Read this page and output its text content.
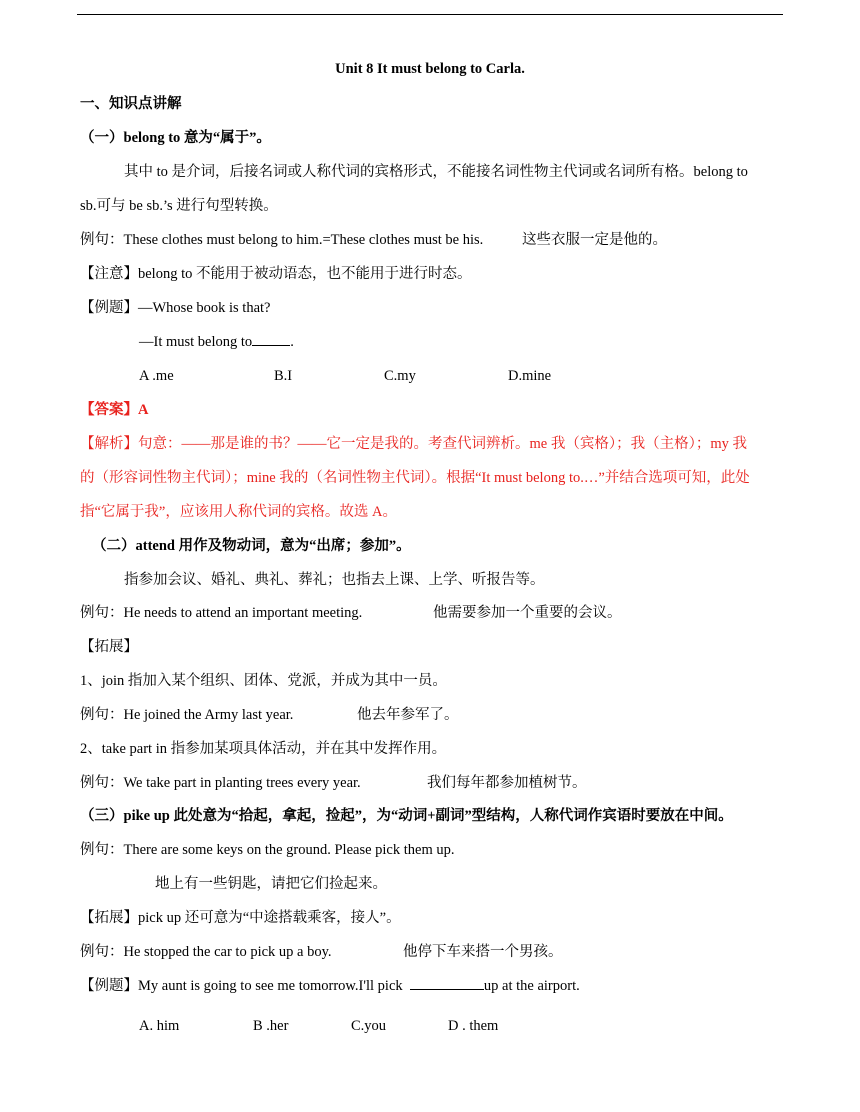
Unit 8 It must belong to Carla.
一、知识点讲解
（一）belong to 意为“属于”。
其中 to 是介词，后接名词或人称代词的宾格形式，不能接名词性物主代词或名词所有格。belong to
sb.可与 be sb.’s 进行句型转换。
例句：These clothes must belong to him.=These clothes must be his.	这些衣服一定是他的。
【注意】belong to 不能用于被动语态，也不能用于进行时态。
【例题】—Whose book is that?
—It must belong to	.
A .me	B.I	C.my	D.mine
【答案】A
【解析】句意：——那是谁的书？——它一定是我的。考查代词辨析。me 我（宾格）；我（主格）；my 我
的（形容词性物主代词）；mine 我的（名词性物主代词）。根据“It must belong to.…”并结合选项可知，此处
指“它属于我”，应该用人称代词的宾格。故选 A。
（二）attend 用作及物动词，意为“出席；参加”。
指参加会议、婚礼、典礼、葬礼；也指去上课、上学、听报告等。
例句：He needs to attend an important meeting.	他需要参加一个重要的会议。
【拓展】
1、join 指加入某个组织、团体、党派，并成为其中一员。
例句：He joined the Army last year.	他去年参军了。
2、take part in 指参加某项具体活动，并在其中发挥作用。
例句：We take part in planting trees every year.	我们每年都参加植树节。
（三）pike up 此处意为“拾起，拿起，捡起”，为“动词+副词”型结构，人称代词作宾语时要放在中间。
例句：There are some keys on the ground. Please pick them up.
地上有一些钥匙，请把它们捡起来。
【拓展】pick up 还可意为“中途搭载乘客，接人”。
例句：He stopped the car to pick up a boy.	他停下车来搭一个男孩。
【例题】My aunt is going to see me tomorrow.I'll pick	up at the airport.
A. him	B .her	C.you	D . them
